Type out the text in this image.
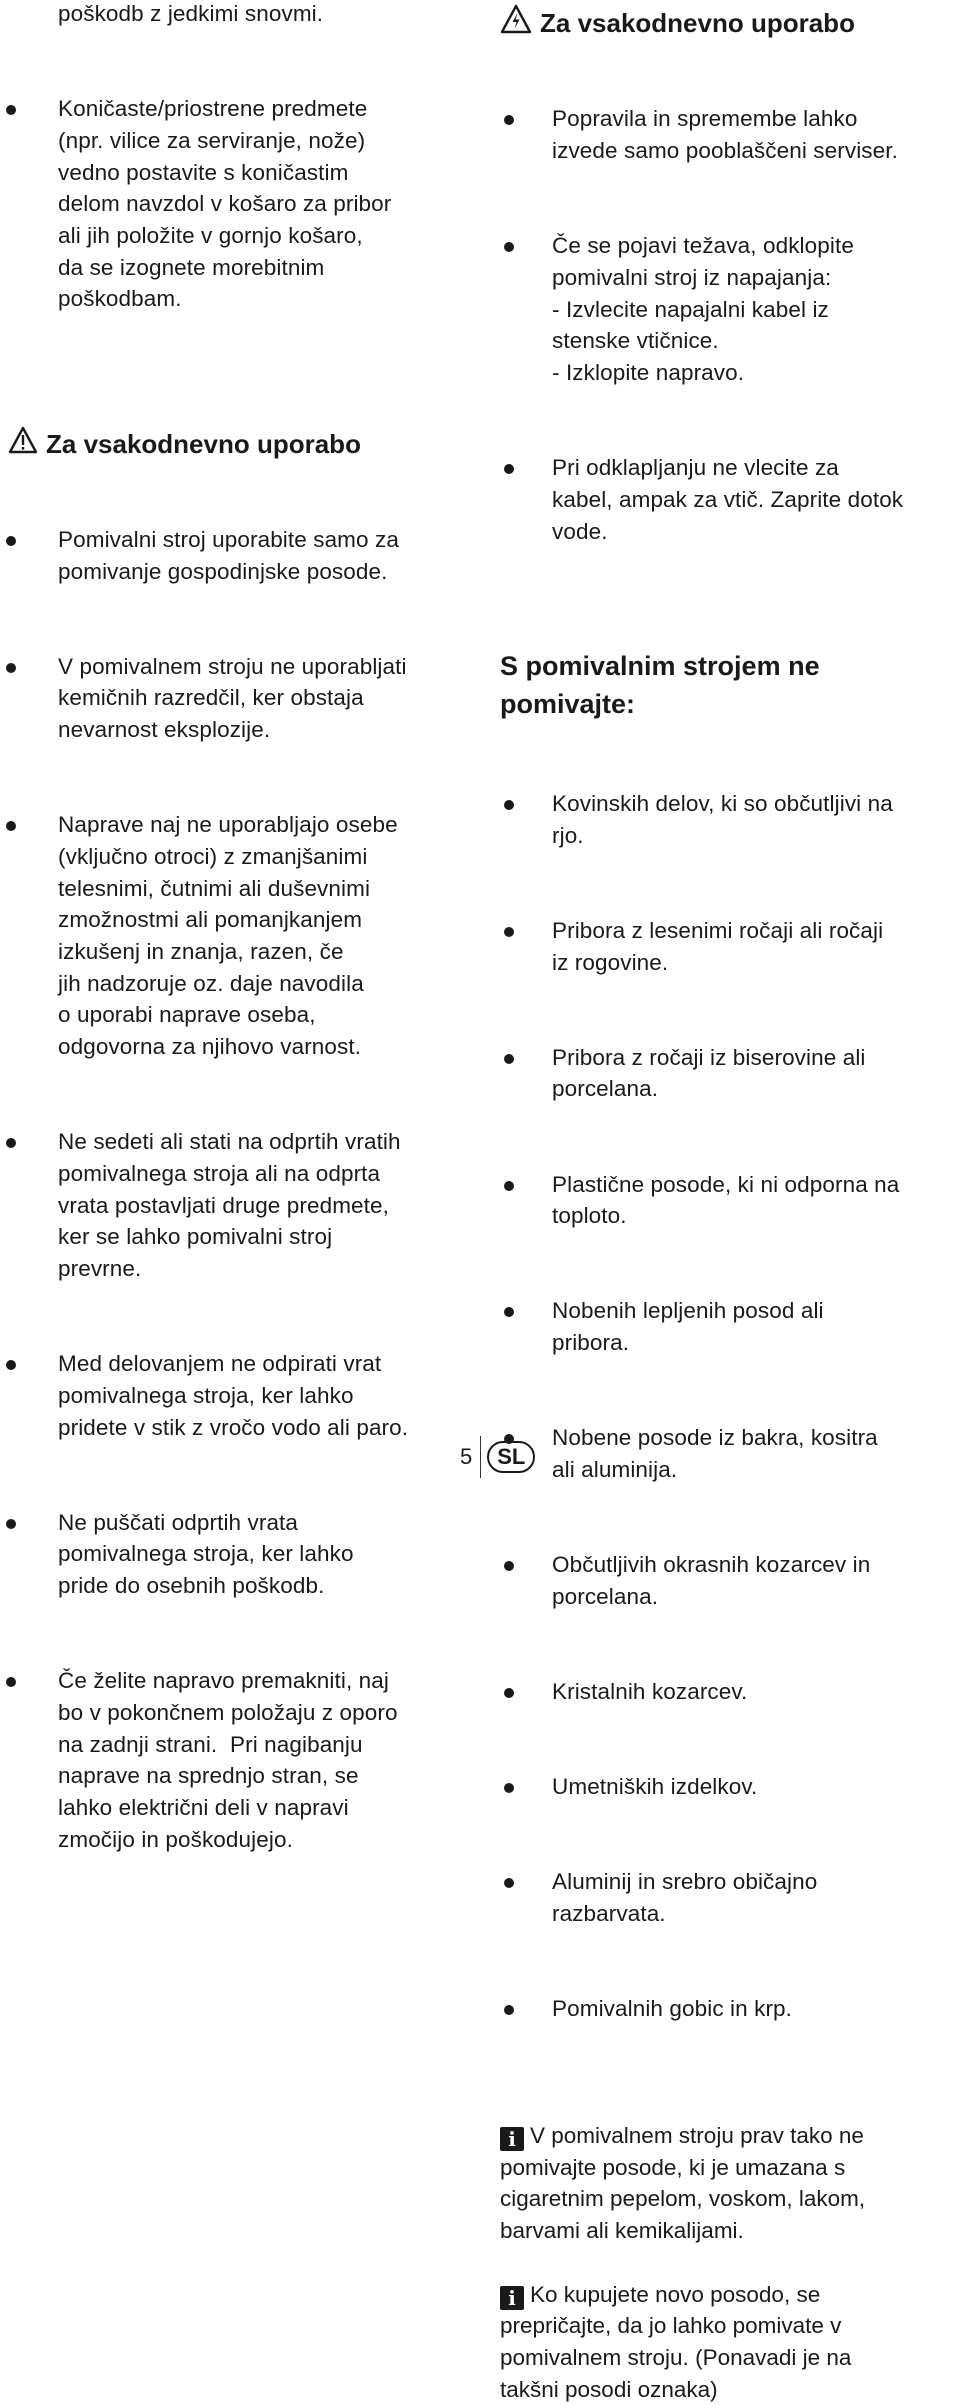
poškodb z jedkimi snovmi.

Koničaste/priostrene predmete
(npr. vilice za serviranje, nože)
vedno postavite s koničastim
delom navzdol v košaro za pribor
ali jih položite v gornjo košaro,
da se izognete morebitnim
poškodbam.

Za vsakodnevno uporabo

Pomivalni stroj uporabite samo za
pomivanje gospodinjske posode.

V pomivalnem stroju ne uporabljati
kemičnih razredčil, ker obstaja
nevarnost eksplozije.

Naprave naj ne uporabljajo osebe
(vključno otroci) z zmanjšanimi
telesnimi, čutnimi ali duševnimi
zmožnostmi ali pomanjkanjem
izkušenj in znanja, razen, če
jih nadzoruje oz. daje navodila
o uporabi naprave oseba,
odgovorna za njihovo varnost.

Ne sedeti ali stati na odprtih vratih
pomivalnega stroja ali na odprta
vrata postavljati druge predmete,
ker se lahko pomivalni stroj
prevrne.

Med delovanjem ne odpirati vrat
pomivalnega stroja, ker lahko
pridete v stik z vročo vodo ali paro.

Ne puščati odprtih vrata
pomivalnega stroja, ker lahko
pride do osebnih poškodb.

Če želite napravo premakniti, naj
bo v pokončnem položaju z oporo
na zadnji strani.  Pri nagibanju
naprave na sprednjo stran, se
lahko električni deli v napravi
zmočijo in poškodujejo.

Za vsakodnevno uporabo

Popravila in spremembe lahko
izvede samo pooblaščeni serviser.

Če se pojavi težava, odklopite
pomivalni stroj iz napajanja:
- Izvlecite napajalni kabel iz
stenske vtičnice.
- Izklopite napravo.

Pri odklapljanju ne vlecite za
kabel, ampak za vtič. Zaprite dotok
vode.

S pomivalnim strojem ne
pomivajte:

Kovinskih delov, ki so občutljivi na
rjo.

Pribora z lesenimi ročaji ali ročaji
iz rogovine.

Pribora z ročaji iz biserovine ali
porcelana.

Plastične posode, ki ni odporna na
toploto.

Nobenih lepljenih posod ali
pribora.

Nobene posode iz bakra, kositra
ali aluminija.

Občutljivih okrasnih kozarcev in
porcelana.

Kristalnih kozarcev.

Umetniških izdelkov.

Aluminij in srebro običajno
razbarvata.

Pomivalnih gobic in krp.

i V pomivalnem stroju prav tako ne
pomivajte posode, ki je umazana s
cigaretnim pepelom, voskom, lakom,
barvami ali kemikalijami.
i Ko kupujete novo posodo, se
prepričajte, da jo lahko pomivate v
pomivalnem stroju. (Ponavadi je na
takšni posodi oznaka)
5	SL
